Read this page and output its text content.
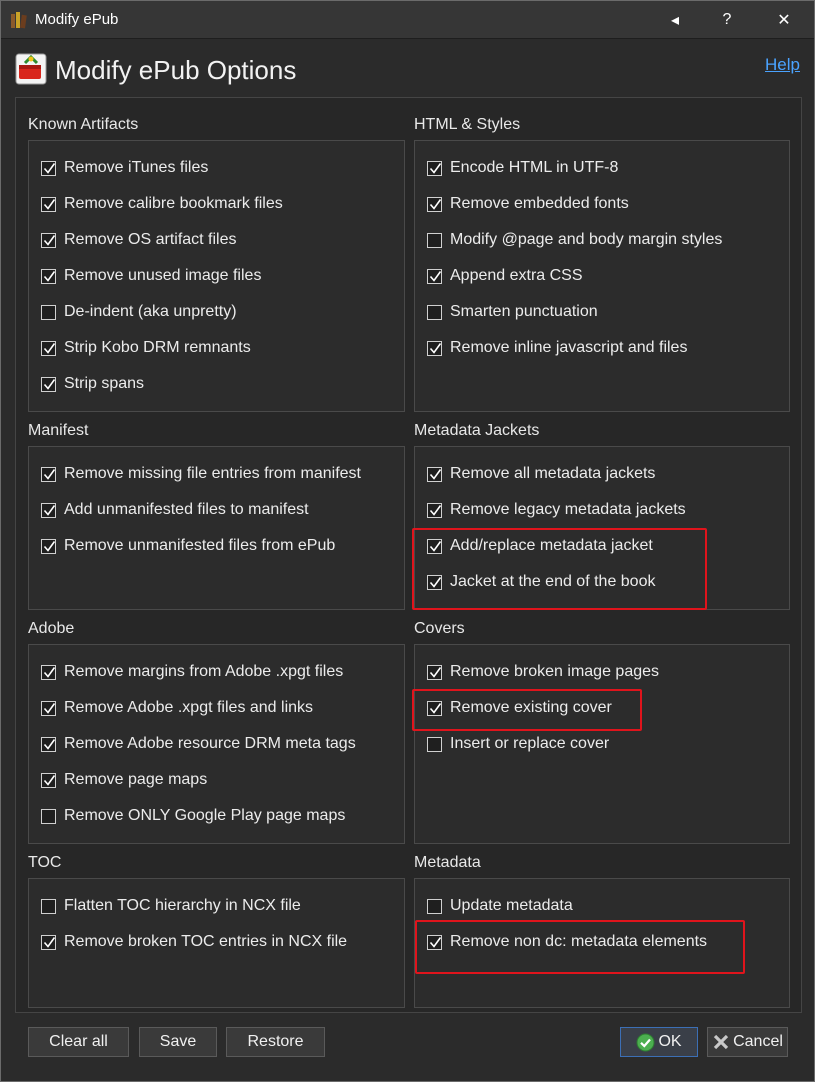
Modify ePub	◂	?	✕
Modify ePub Options	Help
Known Artifacts
Remove iTunes files
Remove calibre bookmark files
Remove OS artifact files
Remove unused image files
De-indent (aka unpretty)
Strip Kobo DRM remnants
Strip spans
HTML & Styles
Encode HTML in UTF-8
Remove embedded fonts
Modify @page and body margin styles
Append extra CSS
Smarten punctuation
Remove inline javascript and files
Manifest
Remove missing file entries from manifest
Add unmanifested files to manifest
Remove unmanifested files from ePub
Metadata Jackets
Remove all metadata jackets
Remove legacy metadata jackets
Add/replace metadata jacket
Jacket at the end of the book
Adobe
Remove margins from Adobe .xpgt files
Remove Adobe .xpgt files and links
Remove Adobe resource DRM meta tags
Remove page maps
Remove ONLY Google Play page maps
Covers
Remove broken image pages
Remove existing cover
Insert or replace cover
TOC
Flatten TOC hierarchy in NCX file
Remove broken TOC entries in NCX file
Metadata
Update metadata
Remove non dc: metadata elements
Clear all	Save	Restore	OK	Cancel
